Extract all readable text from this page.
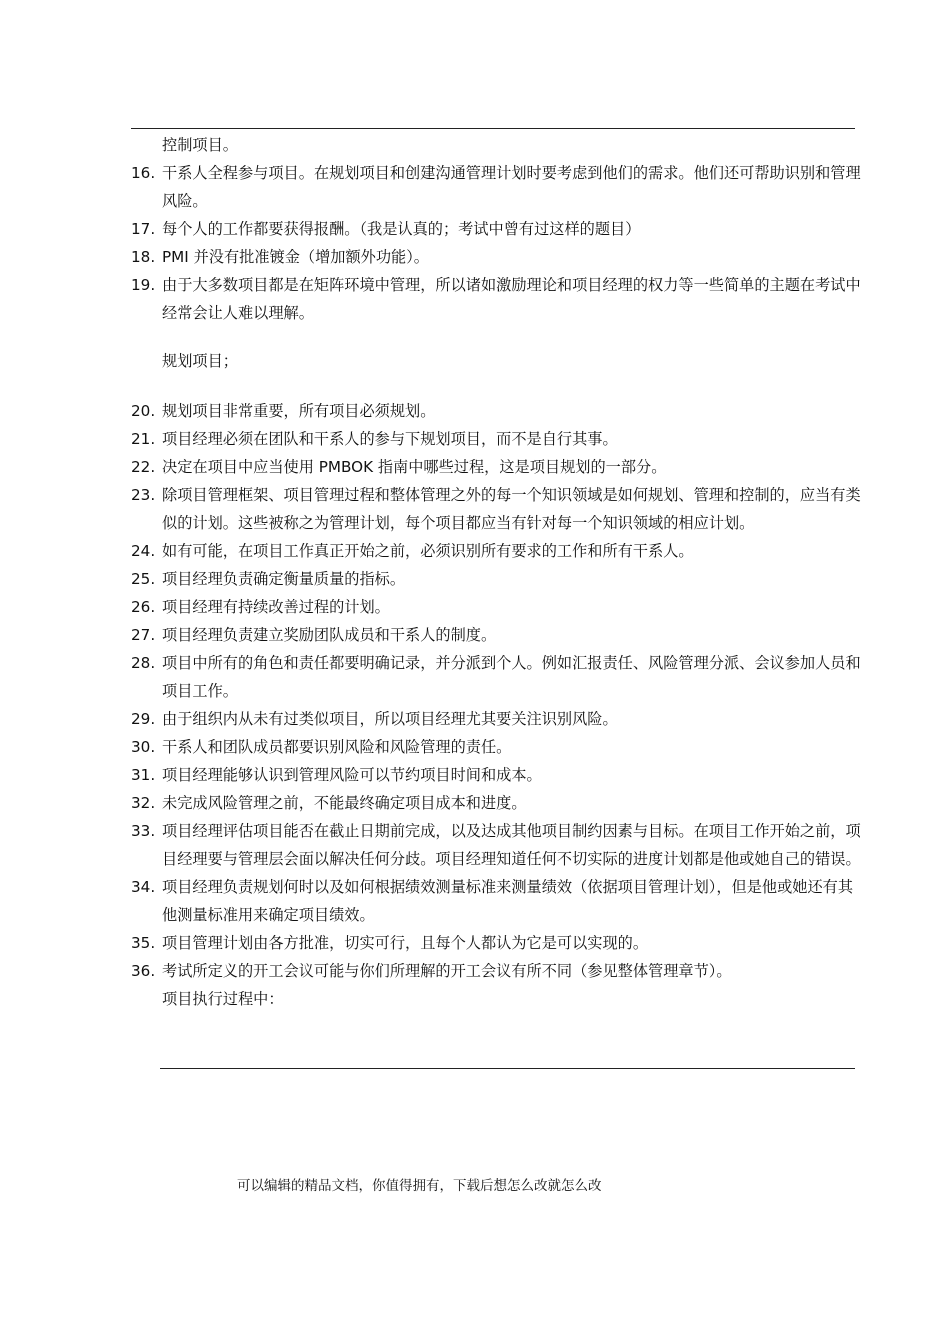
控制项目。
16. 干系人全程参与项目。在规划项目和创建沟通管理计划时要考虑到他们的需求。他们还可帮助识别和管理风险。
17. 每个人的工作都要获得报酬。（我是认真的；考试中曾有过这样的题目）
18. PMI 并没有批准镀金（增加额外功能）。
19. 由于大多数项目都是在矩阵环境中管理，所以诸如激励理论和项目经理的权力等一些简单的主题在考试中经常会让人难以理解。
规划项目；
20. 规划项目非常重要，所有项目必须规划。
21. 项目经理必须在团队和干系人的参与下规划项目，而不是自行其事。
22. 决定在项目中应当使用 PMBOK 指南中哪些过程，这是项目规划的一部分。
23. 除项目管理框架、项目管理过程和整体管理之外的每一个知识领域是如何规划、管理和控制的，应当有类似的计划。这些被称之为管理计划，每个项目都应当有针对每一个知识领域的相应计划。
24. 如有可能，在项目工作真正开始之前，必须识别所有要求的工作和所有干系人。
25. 项目经理负责确定衡量质量的指标。
26. 项目经理有持续改善过程的计划。
27. 项目经理负责建立奖励团队成员和干系人的制度。
28. 项目中所有的角色和责任都要明确记录，并分派到个人。例如汇报责任、风险管理分派、会议参加人员和项目工作。
29. 由于组织内从未有过类似项目，所以项目经理尤其要关注识别风险。
30. 干系人和团队成员都要识别风险和风险管理的责任。
31. 项目经理能够认识到管理风险可以节约项目时间和成本。
32. 未完成风险管理之前，不能最终确定项目成本和进度。
33. 项目经理评估项目能否在截止日期前完成，以及达成其他项目制约因素与目标。在项目工作开始之前，项目经理要与管理层会面以解决任何分歧。项目经理知道任何不切实际的进度计划都是他或她自己的错误。
34. 项目经理负责规划何时以及如何根据绩效测量标准来测量绩效（依据项目管理计划），但是他或她还有其他测量标准用来确定项目绩效。
35. 项目管理计划由各方批准，切实可行，且每个人都认为它是可以实现的。
36. 考试所定义的开工会议可能与你们所理解的开工会议有所不同（参见整体管理章节）。
项目执行过程中：
可以编辑的精品文档，你值得拥有，下载后想怎么改就怎么改
